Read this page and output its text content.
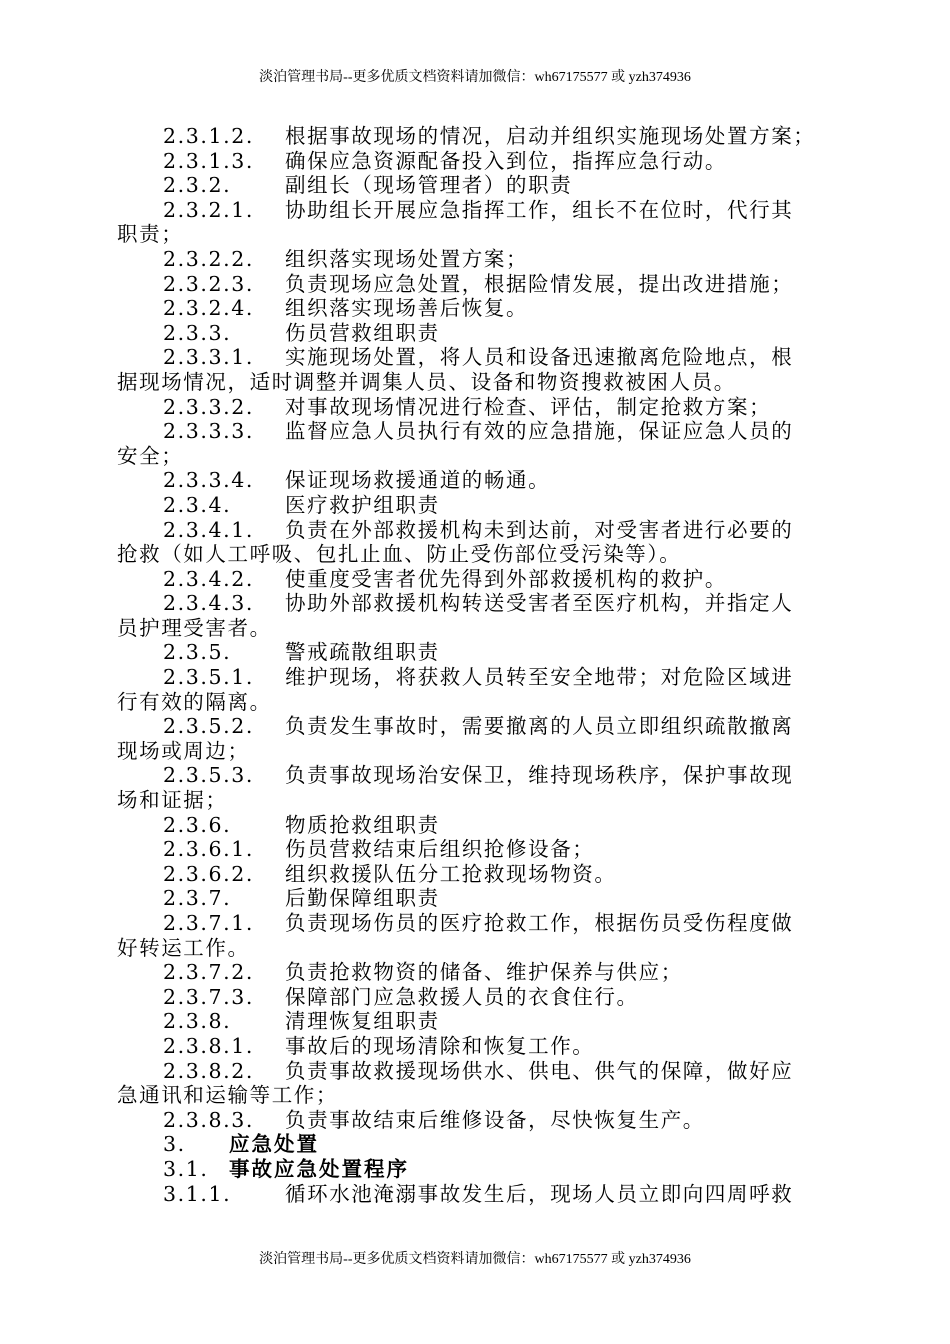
淡泊管理书局--更多优质文档资料请加微信：wh67175577 或 yzh374936
2.3.1.2. 根据事故现场的情况，启动并组织实施现场处置方案；
2.3.1.3. 确保应急资源配备投入到位，指挥应急行动。
2.3.2.	副组长（现场管理者）的职责
2.3.2.1. 协助组长开展应急指挥工作，组长不在位时，代行其
职责；
2.3.2.2. 组织落实现场处置方案；
2.3.2.3. 负责现场应急处置，根据险情发展，提出改进措施；
2.3.2.4. 组织落实现场善后恢复。
2.3.3.	伤员营救组职责
2.3.3.1. 实施现场处置，将人员和设备迅速撤离危险地点，根
据现场情况，适时调整并调集人员、设备和物资搜救被困人员。
2.3.3.2. 对事故现场情况进行检查、评估，制定抢救方案；
2.3.3.3. 监督应急人员执行有效的应急措施，保证应急人员的
安全；
2.3.3.4. 保证现场救援通道的畅通。
2.3.4.	医疗救护组职责
2.3.4.1. 负责在外部救援机构未到达前，对受害者进行必要的
抢救（如人工呼吸、包扎止血、防止受伤部位受污染等）。
2.3.4.2. 使重度受害者优先得到外部救援机构的救护。
2.3.4.3. 协助外部救援机构转送受害者至医疗机构，并指定人
员护理受害者。
2.3.5.	警戒疏散组职责
2.3.5.1. 维护现场，将获救人员转至安全地带；对危险区域进
行有效的隔离。
2.3.5.2. 负责发生事故时，需要撤离的人员立即组织疏散撤离
现场或周边；
2.3.5.3. 负责事故现场治安保卫，维持现场秩序，保护事故现
场和证据；
2.3.6.	物质抢救组职责
2.3.6.1. 伤员营救结束后组织抢修设备；
2.3.6.2. 组织救援队伍分工抢救现场物资。
2.3.7.	后勤保障组职责
2.3.7.1. 负责现场伤员的医疗抢救工作，根据伤员受伤程度做
好转运工作。
2.3.7.2. 负责抢救物资的储备、维护保养与供应；
2.3.7.3. 保障部门应急救援人员的衣食住行。
2.3.8.	清理恢复组职责
2.3.8.1. 事故后的现场清除和恢复工作。
2.3.8.2. 负责事故救援现场供水、供电、供气的保障，做好应
急通讯和运输等工作；
2.3.8.3. 负责事故结束后维修设备，尽快恢复生产。
3. 应急处置
3.1. 事故应急处置程序
3.1.1.	循环水池淹溺事故发生后，现场人员立即向四周呼救
淡泊管理书局--更多优质文档资料请加微信：wh67175577 或 yzh374936
